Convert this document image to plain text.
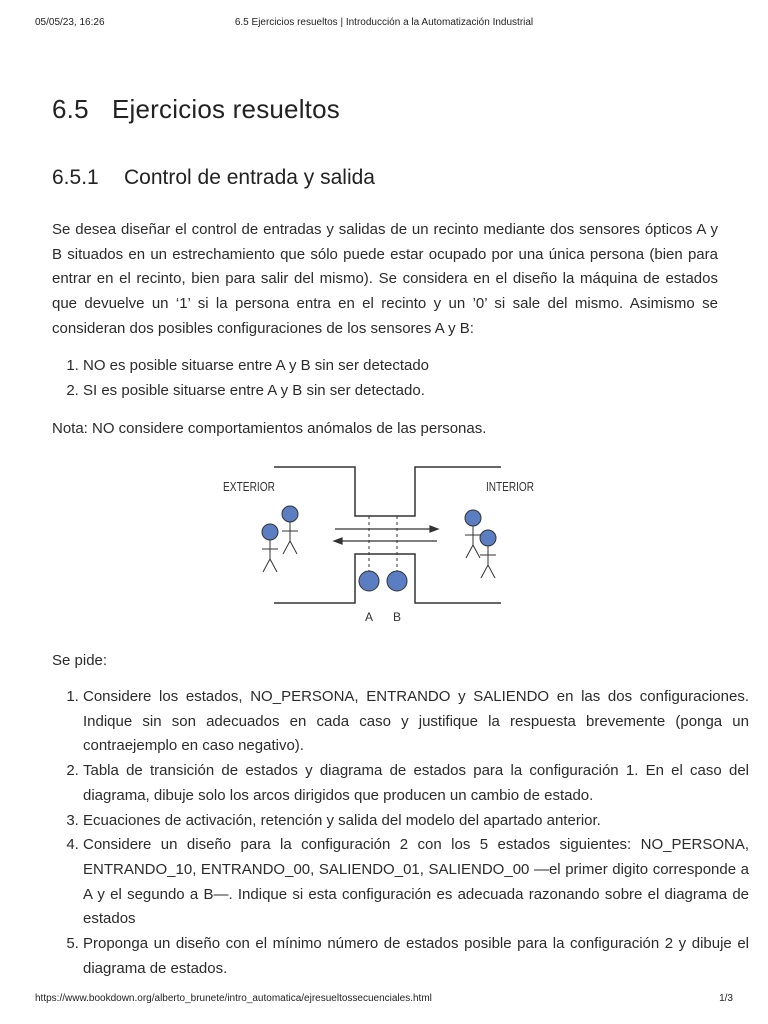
05/05/23, 16:26	6.5 Ejercicios resueltos | Introducción a la Automatización Industrial
6.5 Ejercicios resueltos
6.5.1 Control de entrada y salida

Se desea diseñar el control de entradas y salidas de un recinto mediante dos sensores ópticos A y B situados en un estrechamiento que sólo puede estar ocupado por una única persona (bien para entrar en el recinto, bien para salir del mismo). Se considera en el diseño la máquina de estados que devuelve un ‘1’ si la persona entra en el recinto y un ’0’ si sale del mismo. Asimismo se consideran dos posibles configuraciones de los sensores A y B:

1. NO es posible situarse entre A y B sin ser detectado
2. SI es posible situarse entre A y B sin ser detectado.

Nota: NO considere comportamientos anómalos de las personas.

Se pide:

1. Considere los estados, NO_PERSONA, ENTRANDO y SALIENDO en las dos configuraciones. Indique sin son adecuados en cada caso y justifique la respuesta brevemente (ponga un contraejemplo en caso negativo).
2. Tabla de transición de estados y diagrama de estados para la configuración 1. En el caso del diagrama, dibuje solo los arcos dirigidos que producen un cambio de estado.
3. Ecuaciones de activación, retención y salida del modelo del apartado anterior.
4. Considere un diseño para la configuración 2 con los 5 estados siguientes: NO_PERSONA, ENTRANDO_10, ENTRANDO_00, SALIENDO_01, SALIENDO_00 —el primer digito corresponde a A y el segundo a B—. Indique si esta configuración es adecuada razonando sobre el diagrama de estados
5. Proponga un diseño con el mínimo número de estados posible para la configuración 2 y dibuje el diagrama de estados.
EXTERIOR	INTERIOR
A B
https://www.bookdown.org/alberto_brunete/intro_automatica/ejresueltossecuenciales.html	1/3
